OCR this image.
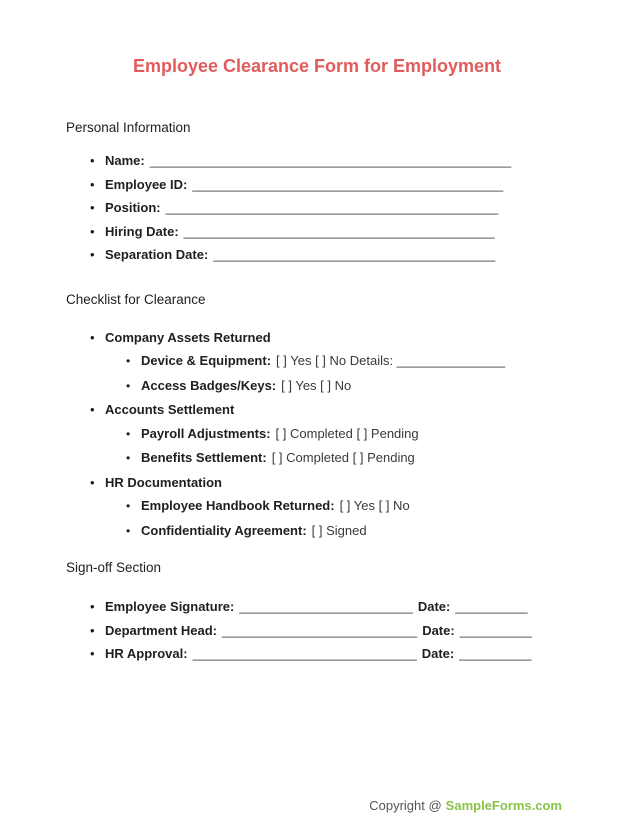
Employee Clearance Form for Employment
Personal Information
• Name: __________________________________________________
• Employee ID: ___________________________________________
• Position: ______________________________________________
• Hiring Date: ___________________________________________
• Separation Date: _______________________________________
Checklist for Clearance
• Company Assets Returned
• Device & Equipment: [ ] Yes [ ] No Details: _______________
• Access Badges/Keys: [ ] Yes [ ] No
• Accounts Settlement
• Payroll Adjustments: [ ] Completed [ ] Pending
• Benefits Settlement: [ ] Completed [ ] Pending
• HR Documentation
• Employee Handbook Returned: [ ] Yes [ ] No
• Confidentiality Agreement: [ ] Signed
Sign-off Section
• Employee Signature: ________________________ Date: __________
• Department Head: ___________________________ Date: __________
• HR Approval: _______________________________ Date: __________
Copyright @ SampleForms.com
